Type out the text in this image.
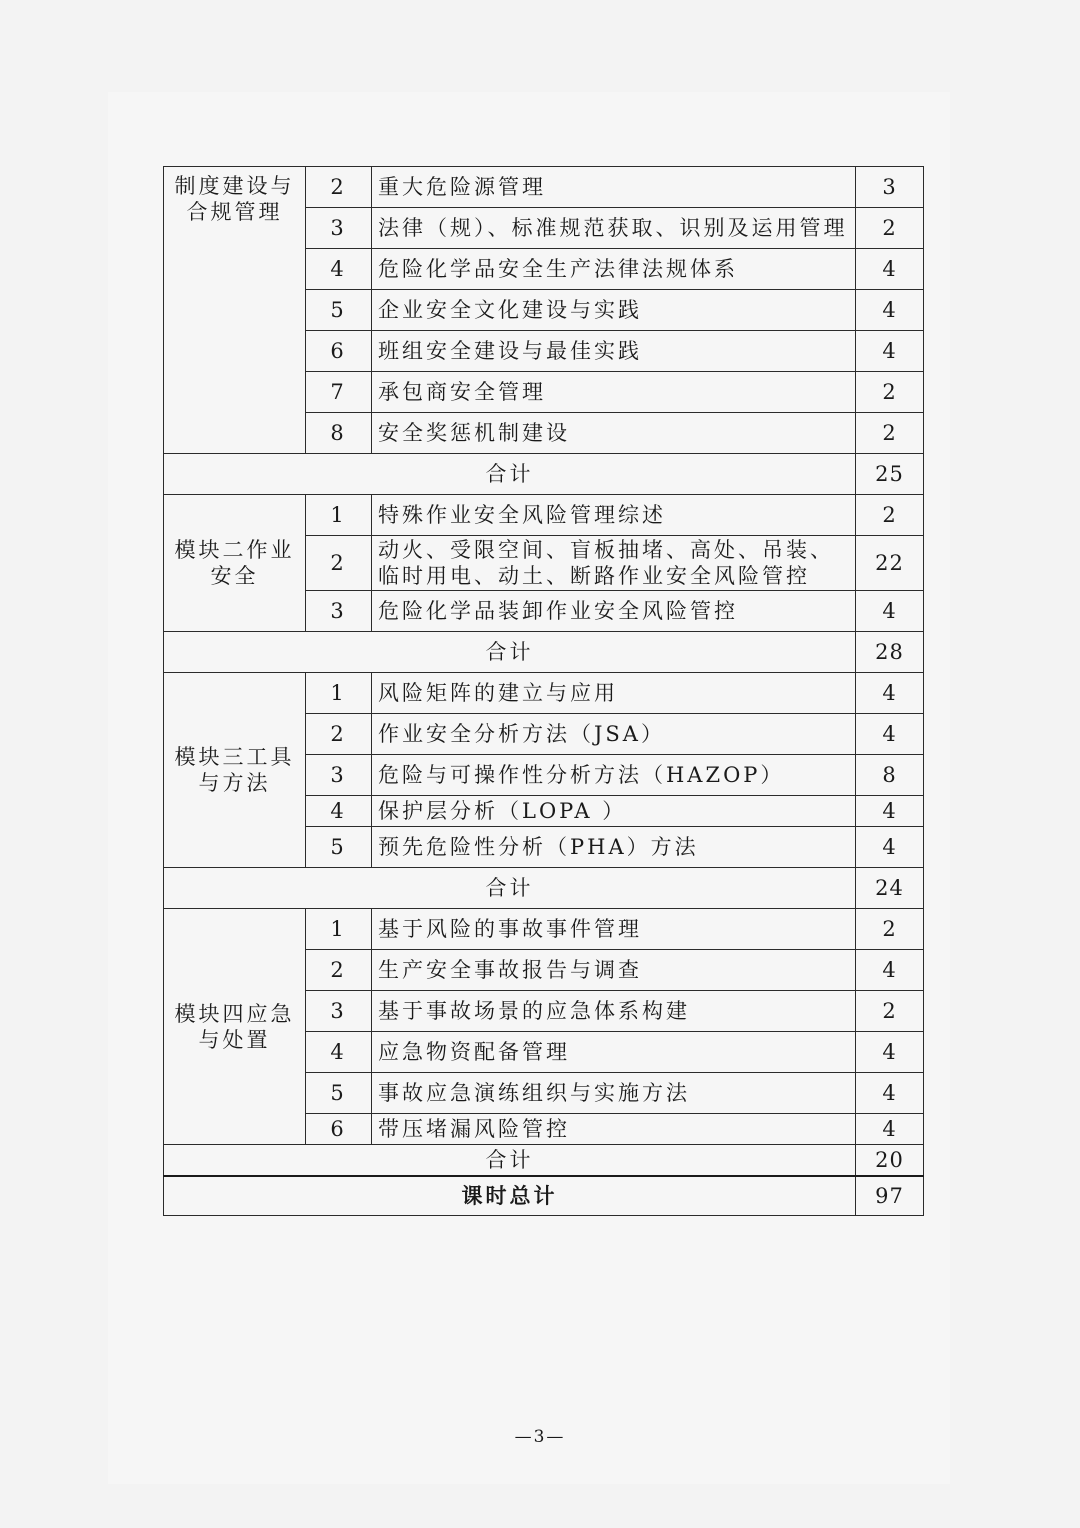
制度建设与合规管理	2	重大危险源管理	3
	3	法律（规）、标准规范获取、识别及运用管理	2
	4	危险化学品安全生产法律法规体系	4
	5	企业安全文化建设与实践	4
	6	班组安全建设与最佳实践	4
	7	承包商安全管理	2
	8	安全奖惩机制建设	2
合计			25
模块二作业安全	1	特殊作业安全风险管理综述	2
	2	动火、受限空间、盲板抽堵、高处、吊装、临时用电、动土、断路作业安全风险管控	22
	3	危险化学品装卸作业安全风险管控	4
合计			28
模块三工具与方法	1	风险矩阵的建立与应用	4
	2	作业安全分析方法（JSA）	4
	3	危险与可操作性分析方法（HAZOP）	8
	4	保护层分析（LOPA ）	4
	5	预先危险性分析（PHA）方法	4
合计			24
模块四应急与处置	1	基于风险的事故事件管理	2
	2	生产安全事故报告与调查	4
	3	基于事故场景的应急体系构建	2
	4	应急物资配备管理	4
	5	事故应急演练组织与实施方法	4
	6	带压堵漏风险管控	4
合计			20
课时总计			97
—3—
